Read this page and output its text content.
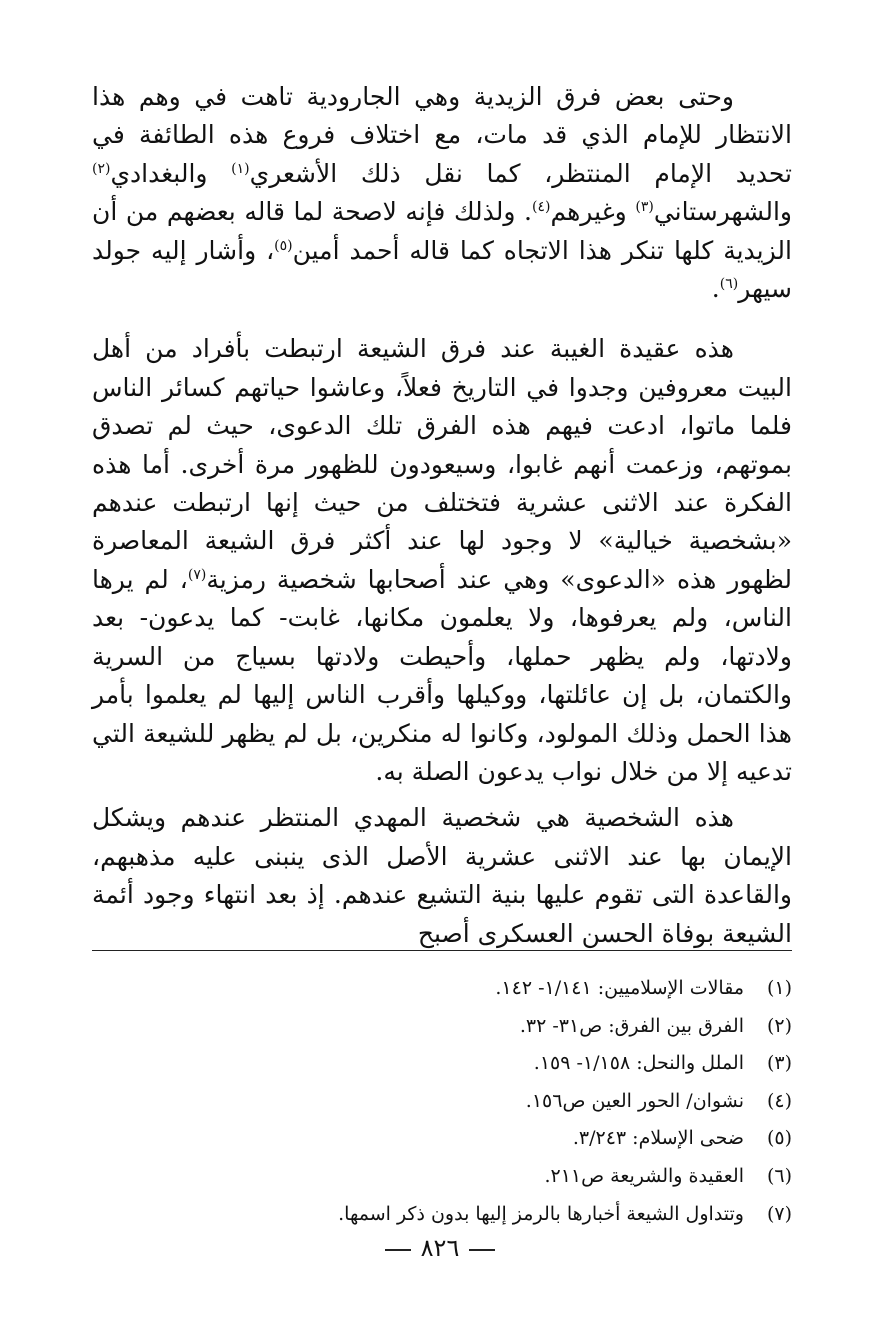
وحتى بعض فرق الزيدية وهي الجارودية تاهت في وهم هذا الانتظار للإمام الذي قد مات، مع اختلاف فروع هذه الطائفة في تحديد الإمام المنتظر، كما نقل ذلك الأشعري$^{(١)}$ والبغدادي$^{(٢)}$ والشهرستاني$^{(٣)}$ وغيرهم$^{(٤)}$. ولذلك فإنه لاصحة لما قاله بعضهم من أن الزيدية كلها تنكر هذا الاتجاه كما قاله أحمد أمين$^{(٥)}$، وأشار إليه جولد سيهر$^{(٦)}$.

هذه عقيدة الغيبة عند فرق الشيعة ارتبطت بأفراد من أهل البيت معروفين وجدوا في التاريخ فعلاً، وعاشوا حياتهم كسائر الناس فلما ماتوا، ادعت فيهم هذه الفرق تلك الدعوى، حيث لم تصدق بموتهم، وزعمت أنهم غابوا، وسيعودون للظهور مرة أخرى. أما هذه الفكرة عند الاثنى عشرية فتختلف من حيث إنها ارتبطت عندهم «بشخصية خيالية» لا وجود لها عند أكثر فرق الشيعة المعاصرة لظهور هذه «الدعوى» وهي عند أصحابها شخصية رمزية$^{(٧)}$، لم يرها الناس، ولم يعرفوها، ولا يعلمون مكانها، غابت- كما يدعون- بعد ولادتها، ولم يظهر حملها، وأحيطت ولادتها بسياج من السرية والكتمان، بل إن عائلتها، ووكيلها وأقرب الناس إليها لم يعلموا بأمر هذا الحمل وذلك المولود، وكانوا له منكرين، بل لم يظهر للشيعة التي تدعيه إلا من خلال نواب يدعون الصلة به.

هذه الشخصية هي شخصية المهدي المنتظر عندهم ويشكل الإيمان بها عند الاثنى عشرية الأصل الذى ينبنى عليه مذهبهم، والقاعدة التى تقوم عليها بنية التشيع عندهم. إذ بعد انتهاء وجود أئمة الشيعة بوفاة الحسن العسكرى أصبح

(١)مقالات الإسلاميين: ١/١٤١- ١٤٢.
(٢)الفرق بين الفرق: ص٣١- ٣٢.
(٣)الملل والنحل: ١/١٥٨- ١٥٩.
(٤)نشوان/ الحور العين ص١٥٦.
(٥)ضحى الإسلام: ٣/٢٤٣.
(٦)العقيدة والشريعة ص٢١١.
(٧)وتتداول الشيعة أخبارها بالرمز إليها بدون ذكر اسمها.
٨٢٦
